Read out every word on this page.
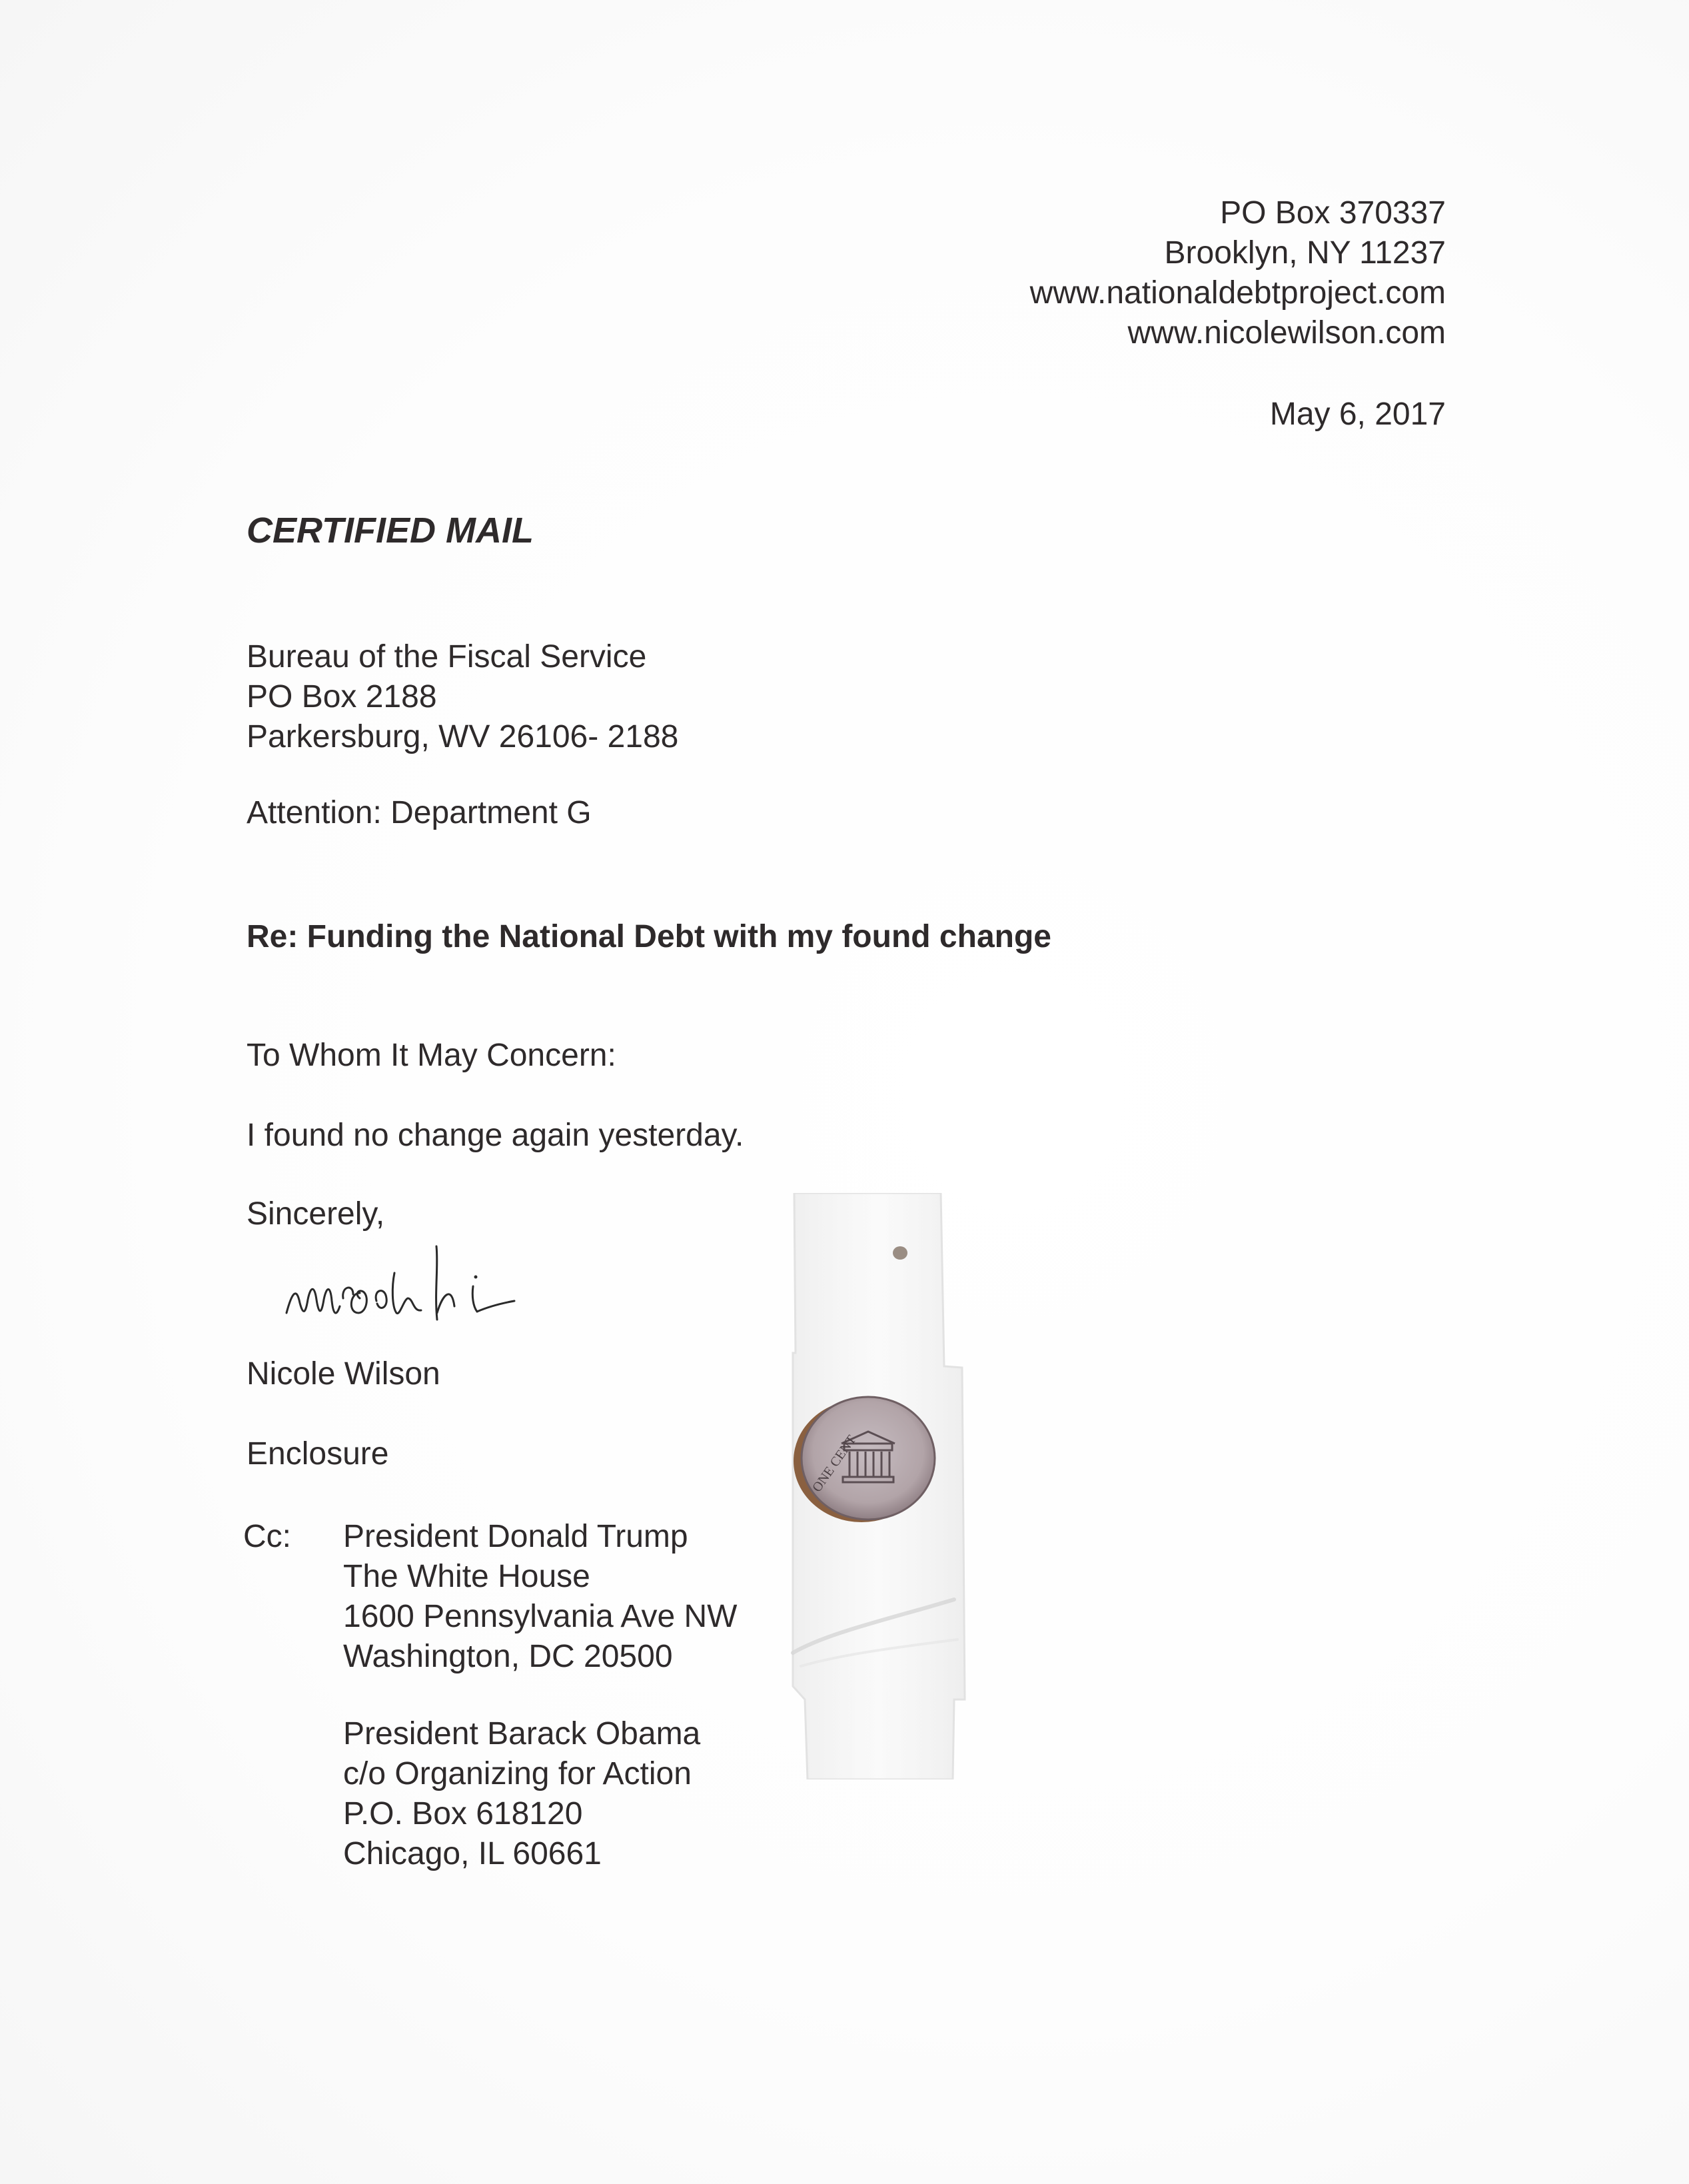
PO Box 370337
Brooklyn, NY 11237
www.nationaldebtproject.com
www.nicolewilson.com
May 6, 2017
CERTIFIED MAIL
Bureau of the Fiscal Service
PO Box 2188
Parkersburg, WV 26106- 2188
Attention: Department G
Re: Funding the National Debt with my found change
To Whom It May Concern:
I found no change again yesterday.
Sincerely,
Nicole Wilson
Enclosure
Cc: President Donald Trump
The White House
1600 Pennsylvania Ave NW
Washington, DC 20500
President Barack Obama
c/o Organizing for Action
P.O. Box 618120
Chicago, IL 60661
ONE CENT
